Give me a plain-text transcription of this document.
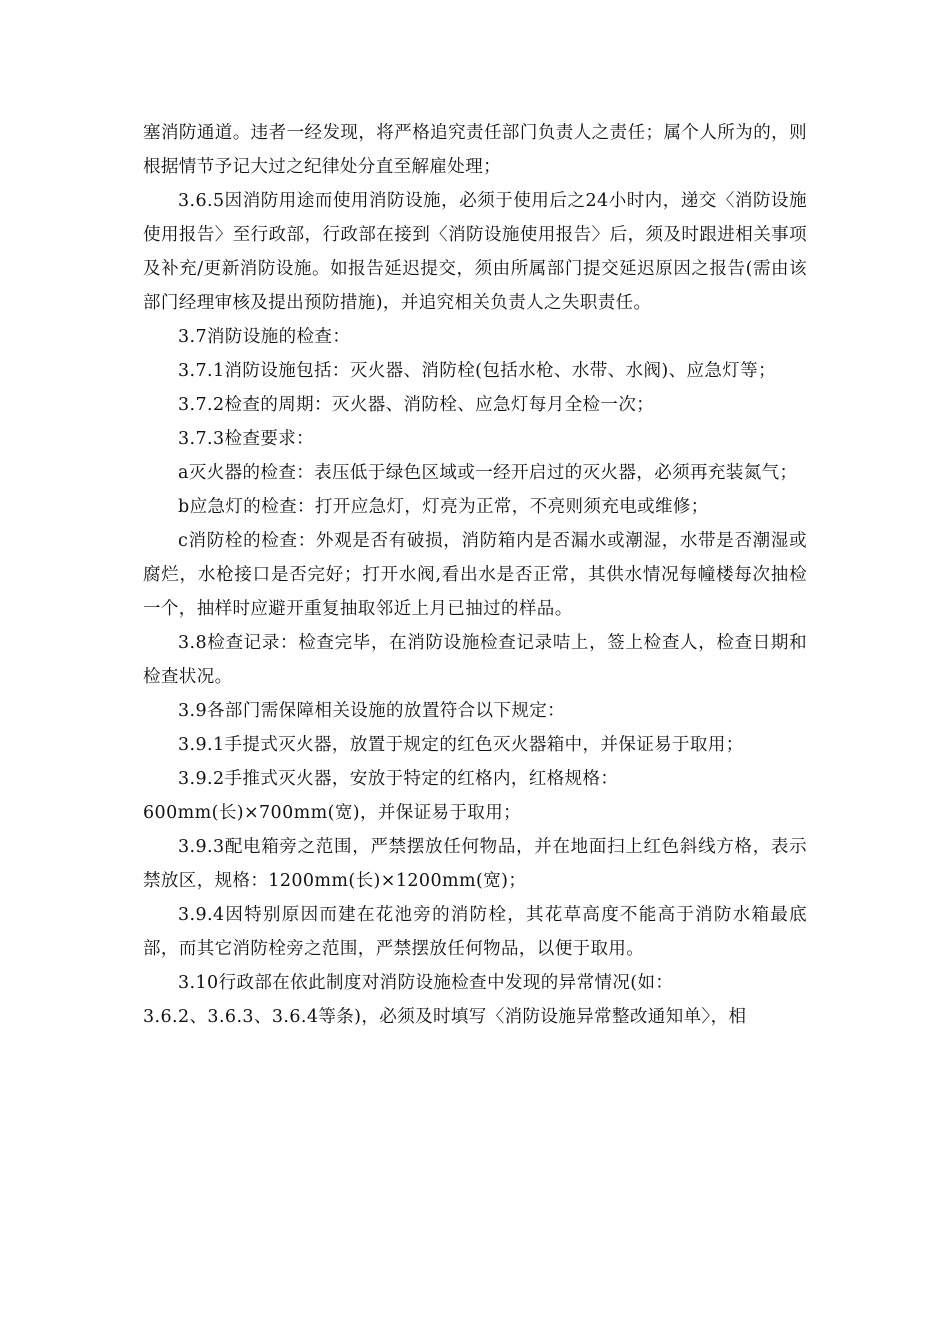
塞消防通道。违者一经发现，将严格追究责任部门负责人之责任；属个人所为的，则根据情节予记大过之纪律处分直至解雇处理；

3.6.5因消防用途而使用消防设施，必须于使用后之24小时内，递交〈消防设施使用报告〉至行政部，行政部在接到〈消防设施使用报告〉后，须及时跟进相关事项及补充/更新消防设施。如报告延迟提交，须由所属部门提交延迟原因之报告(需由该部门经理审核及提出预防措施)，并追究相关负责人之失职责任。

3.7消防设施的检查：

3.7.1消防设施包括：灭火器、消防栓(包括水枪、水带、水阀)、应急灯等；

3.7.2检查的周期：灭火器、消防栓、应急灯每月全检一次；

3.7.3检查要求：

a灭火器的检查：表压低于绿色区域或一经开启过的灭火器，必须再充装氮气；

b应急灯的检查：打开应急灯，灯亮为正常，不亮则须充电或维修；

c消防栓的检查：外观是否有破损，消防箱内是否漏水或潮湿，水带是否潮湿或腐烂，水枪接口是否完好；打开水阀,看出水是否正常，其供水情况每幢楼每次抽检一个，抽样时应避开重复抽取邻近上月已抽过的样品。

3.8检查记录：检查完毕，在消防设施检查记录咭上，签上检查人，检查日期和检查状况。

3.9各部门需保障相关设施的放置符合以下规定：

3.9.1手提式灭火器，放置于规定的红色灭火器箱中，并保证易于取用；

3.9.2手推式灭火器，安放于特定的红格内，红格规格：

600mm(长)×700mm(宽)，并保证易于取用；

3.9.3配电箱旁之范围，严禁摆放任何物品，并在地面扫上红色斜线方格，表示禁放区，规格：1200mm(长)×1200mm(宽)；

3.9.4因特别原因而建在花池旁的消防栓，其花草高度不能高于消防水箱最底部，而其它消防栓旁之范围，严禁摆放任何物品，以便于取用。

3.10行政部在依此制度对消防设施检查中发现的异常情况(如：

3.6.2、3.6.3、3.6.4等条)，必须及时填写〈消防设施异常整改通知单〉，相
